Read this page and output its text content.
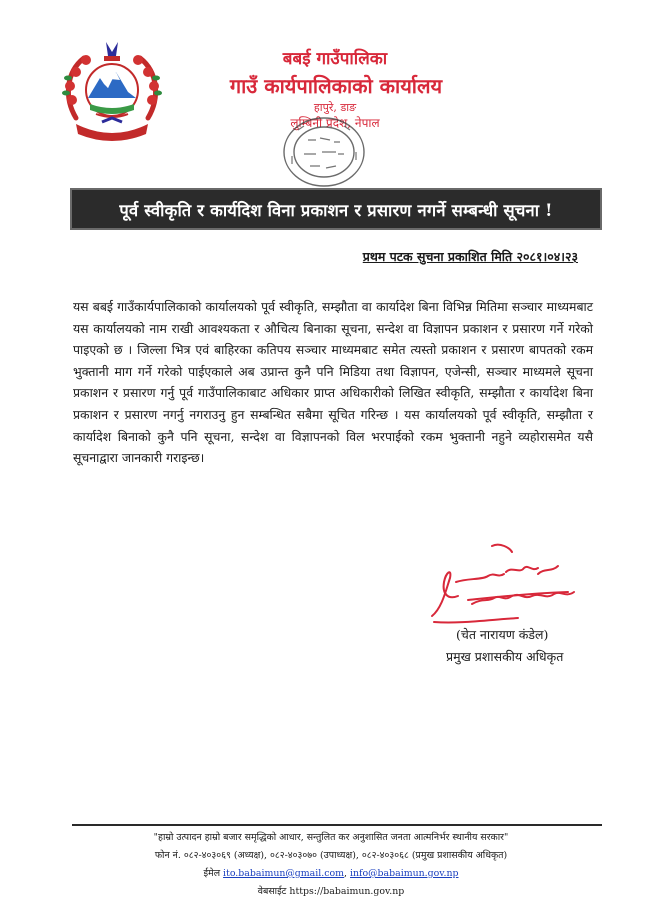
बबई गाउँपालिका
गाउँ कार्यपालिकाको कार्यालय
हापुरे, डाङ
लुम्बिनी प्रदेश, नेपाल
पूर्व स्वीकृति र कार्यदिश विना प्रकाशन र प्रसारण नगर्ने सम्बन्धी सूचना !
प्रथम पटक सुचना प्रकाशित मिति २०८१।०४।२३
यस बबई गाउँकार्यपालिकाको कार्यालयको पूर्व स्वीकृति, सम्झौता वा कार्यादेश बिना विभिन्न मितिमा सञ्चार माध्यमबाट यस कार्यालयको नाम राखी आवश्यकता र औचित्य बिनाका सूचना, सन्देश वा विज्ञापन प्रकाशन र प्रसारण गर्ने गरेको पाइएको छ । जिल्ला भित्र एवं बाहिरका कतिपय सञ्चार माध्यमबाट समेत त्यस्तो प्रकाशन र प्रसारण बापतको रकम भुक्तानी माग गर्ने गरेको पाईएकाले अब उप्रान्त कुनै पनि मिडिया तथा विज्ञापन, एजेन्सी, सञ्चार माध्यमले सूचना प्रकाशन र प्रसारण गर्नु पूर्व गाउँपालिकाबाट अधिकार प्राप्त अधिकारीको लिखित स्वीकृति, सम्झौता र कार्यादेश बिना प्रकाशन र प्रसारण नगर्नु नगराउनु हुन सम्बन्धित सबैमा सूचित गरिन्छ । यस कार्यालयको पूर्व स्वीकृति, सम्झौता र कार्यादेश बिनाको कुनै पनि सूचना, सन्देश वा विज्ञापनको विल भरपाईको रकम भुक्तानी नहुने व्यहोरासमेत यसै सूचनाद्वारा जानकारी गराइन्छ।
(चेत नारायण कंडेल)
प्रमुख प्रशासकीय अधिकृत
"हाम्रो उत्पादन हाम्रो बजार समृद्धिको आधार, सन्तुलित कर अनुशासित जनता आत्मनिर्भर स्थानीय सरकार"
फोन नं. ०८२-४०३०६९ (अध्यक्ष), ०८२-४०३०७० (उपाध्यक्ष), ०८२-४०३०६८ (प्रमुख प्रशासकीय अधिकृत)
ईमेल ito.babaimun@gmail.com, info@babaimun.gov.np
वेबसाईट https://babaimun.gov.np
